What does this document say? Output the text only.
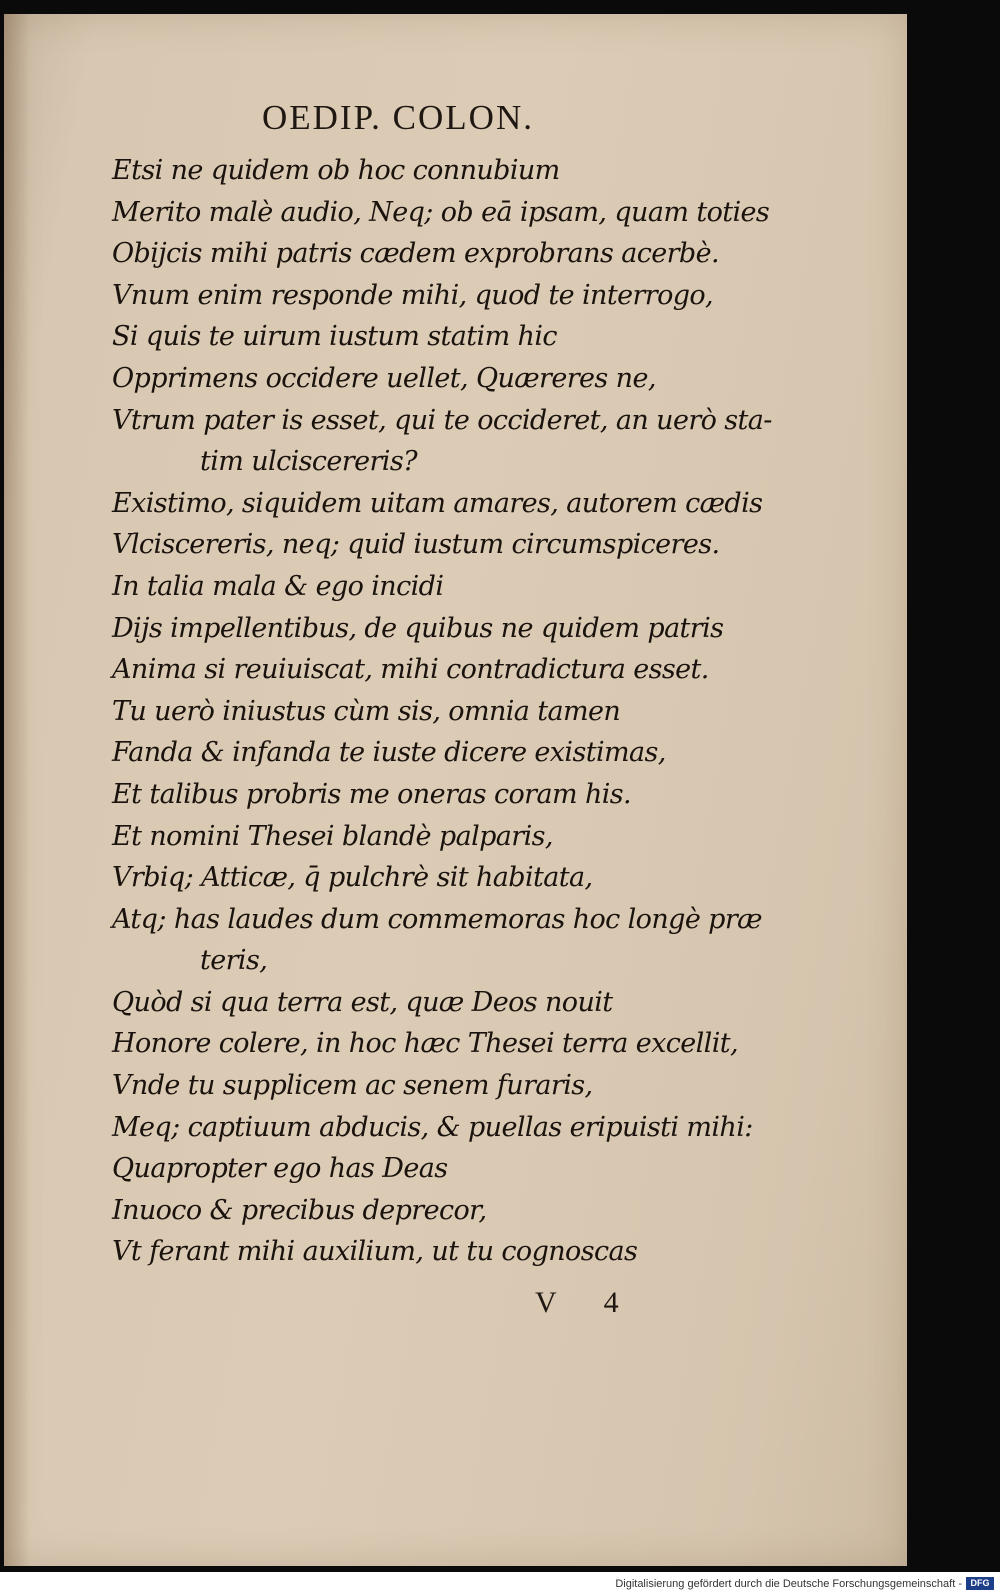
OEDIP. COLON.
Etsi ne quidem ob hoc connubium
Merito malè audio, Neq; ob eā ipsam, quam toties
Obijcis mihi patris cædem exprobrans acerbè.
Vnum enim responde mihi, quod te interrogo,
Si quis te uirum iustum statim hic
Opprimens occidere uellet, Quæreres ne,
Vtrum pater is esset, qui te occideret, an uerò sta-
tim ulciscereris?
Existimo, siquidem uitam amares, autorem cædis
Vlciscereris, neq; quid iustum circumspiceres.
In talia mala & ego incidi
Dijs impellentibus, de quibus ne quidem patris
Anima si reuiuiscat, mihi contradictura esset.
Tu uerò iniustus cùm sis, omnia tamen
Fanda & infanda te iuste dicere existimas,
Et talibus probris me oneras coram his.
Et nomini Thesei blandè palparis,
Vrbiq; Atticæ, q̄ pulchrè sit habitata,
Atq; has laudes dum commemoras hoc longè præ
teris,
Quòd si qua terra est, quæ Deos nouit
Honore colere, in hoc hæc Thesei terra excellit,
Vnde tu supplicem ac senem furaris,
Meq; captiuum abducis, & puellas eripuisti mihi:
Quapropter ego has Deas
Inuoco & precibus deprecor,
Vt ferant mihi auxilium, ut tu cognoscas
V 4
Digitalisierung gefördert durch die Deutsche Forschungsgemeinschaft - DFG
